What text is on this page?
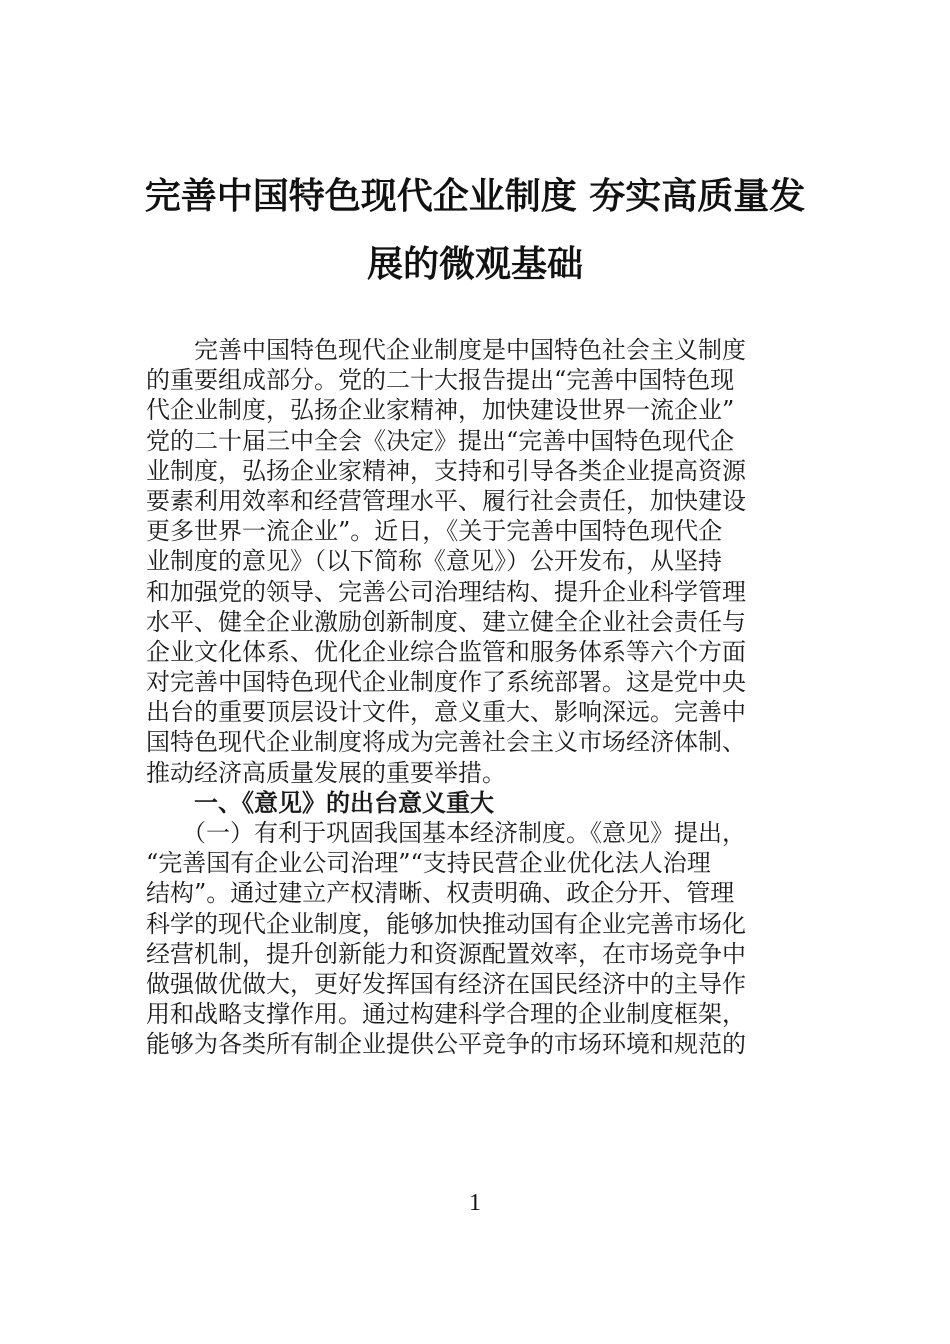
完善中国特色现代企业制度 夯实高质量发
展的微观基础
　　完善中国特色现代企业制度是中国特色社会主义制度
的重要组成部分。党的二十大报告提出“完善中国特色现
代企业制度，弘扬企业家精神，加快建设世界一流企业”
党的二十届三中全会《决定》提出“完善中国特色现代企
业制度，弘扬企业家精神，支持和引导各类企业提高资源
要素利用效率和经营管理水平、履行社会责任，加快建设
更多世界一流企业”。近日，《关于完善中国特色现代企
业制度的意见》（以下简称《意见》）公开发布，从坚持
和加强党的领导、完善公司治理结构、提升企业科学管理
水平、健全企业激励创新制度、建立健全企业社会责任与
企业文化体系、优化企业综合监管和服务体系等六个方面
对完善中国特色现代企业制度作了系统部署。这是党中央
出台的重要顶层设计文件，意义重大、影响深远。完善中
国特色现代企业制度将成为完善社会主义市场经济体制、
推动经济高质量发展的重要举措。
　　一、《意见》的出台意义重大
　　（一）有利于巩固我国基本经济制度。《意见》提出，
“完善国有企业公司治理”“支持民营企业优化法人治理
结构”。通过建立产权清晰、权责明确、政企分开、管理
科学的现代企业制度，能够加快推动国有企业完善市场化
经营机制，提升创新能力和资源配置效率，在市场竞争中
做强做优做大，更好发挥国有经济在国民经济中的主导作
用和战略支撑作用。通过构建科学合理的企业制度框架，
能够为各类所有制企业提供公平竞争的市场环境和规范的
1
